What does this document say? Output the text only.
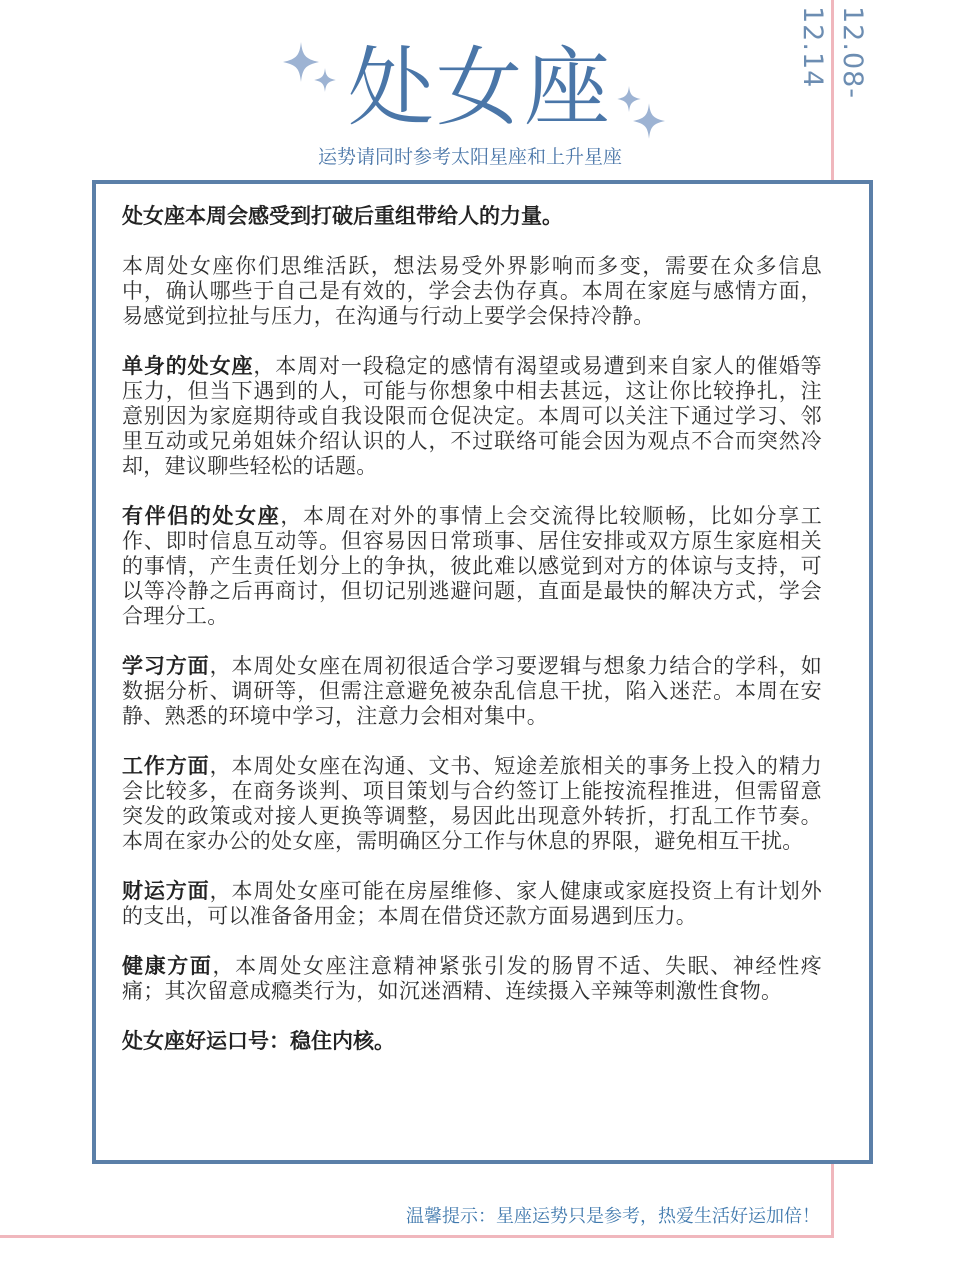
12.08-12.14
处女座
运势请同时参考太阳星座和上升星座

处女座本周会感受到打破后重组带给人的力量。

本周处女座你们思维活跃，想法易受外界影响而多变，需要在众多信息中，确认哪些于自己是有效的，学会去伪存真。本周在家庭与感情方面，易感觉到拉扯与压力，在沟通与行动上要学会保持冷静。

单身的处女座，本周对一段稳定的感情有渴望或易遭到来自家人的催婚等压力，但当下遇到的人，可能与你想象中相去甚远，这让你比较挣扎，注意别因为家庭期待或自我设限而仓促决定。本周可以关注下通过学习、邻里互动或兄弟姐妹介绍认识的人，不过联络可能会因为观点不合而突然冷却，建议聊些轻松的话题。

有伴侣的处女座，本周在对外的事情上会交流得比较顺畅，比如分享工作、即时信息互动等。但容易因日常琐事、居住安排或双方原生家庭相关的事情，产生责任划分上的争执，彼此难以感觉到对方的体谅与支持，可以等冷静之后再商讨，但切记别逃避问题，直面是最快的解决方式，学会合理分工。

学习方面，本周处女座在周初很适合学习要逻辑与想象力结合的学科，如数据分析、调研等，但需注意避免被杂乱信息干扰，陷入迷茫。本周在安静、熟悉的环境中学习，注意力会相对集中。

工作方面，本周处女座在沟通、文书、短途差旅相关的事务上投入的精力会比较多，在商务谈判、项目策划与合约签订上能按流程推进，但需留意突发的政策或对接人更换等调整，易因此出现意外转折，打乱工作节奏。本周在家办公的处女座，需明确区分工作与休息的界限，避免相互干扰。

财运方面，本周处女座可能在房屋维修、家人健康或家庭投资上有计划外的支出，可以准备备用金；本周在借贷还款方面易遇到压力。

健康方面，本周处女座注意精神紧张引发的肠胃不适、失眠、神经性疼痛；其次留意成瘾类行为，如沉迷酒精、连续摄入辛辣等刺激性食物。

处女座好运口号：稳住内核。

温馨提示：星座运势只是参考，热爱生活好运加倍！
